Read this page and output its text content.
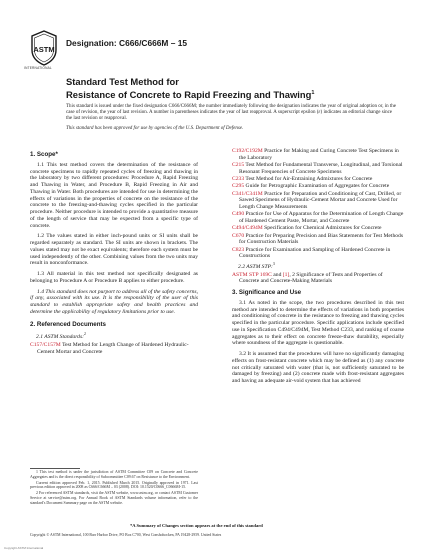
ASTM
INTERNATIONAL
Designation: C666/C666M – 15
Standard Test Method for
Resistance of Concrete to Rapid Freezing and Thawing$^1$

This standard is issued under the fixed designation C666/C666M; the number immediately following the designation indicates the year of original adoption or, in the case of revision, the year of last revision. A number in parentheses indicates the year of last reapproval. A superscript epsilon (ε) indicates an editorial change since the last revision or reapproval.

This standard has been approved for use by agencies of the U.S. Department of Defense.

1. Scope*

1.1 This test method covers the determination of the resistance of concrete specimens to rapidly repeated cycles of freezing and thawing in the laboratory by two different procedures: Procedure A, Rapid Freezing and Thawing in Water, and Procedure B, Rapid Freezing in Air and Thawing in Water. Both procedures are intended for use in determining the effects of variations in the properties of concrete on the resistance of the concrete to the freezing-and-thawing cycles specified in the particular procedure. Neither procedure is intended to provide a quantitative measure of the length of service that may be expected from a specific type of concrete.

1.2 The values stated in either inch-pound units or SI units shall be regarded separately as standard. The SI units are shown in brackets. The values stated may not be exact equivalents; therefore each system must be used independently of the other. Combining values from the two units may result in nonconformance.

1.3 All material in this test method not specifically designated as belonging to Procedure A or Procedure B applies to either procedure.

1.4 This standard does not purport to address all of the safety concerns, if any, associated with its use. It is the responsibility of the user of this standard to establish appropriate safety and health practices and determine the applicability of regulatory limitations prior to use.

2. Referenced Documents
2.1 ASTM Standards:$^2$
C157/C157M Test Method for Length Change of Hardened Hydraulic-Cement Mortar and Concrete
C192/C192M Practice for Making and Curing Concrete Test Specimens in the Laboratory
C215 Test Method for Fundamental Transverse, Longitudinal, and Torsional Resonant Frequencies of Concrete Specimens
C233 Test Method for Air-Entraining Admixtures for Concrete
C295 Guide for Petrographic Examination of Aggregates for Concrete
C341/C341M Practice for Preparation and Conditioning of Cast, Drilled, or Sawed Specimens of Hydraulic-Cement Mortar and Concrete Used for Length Change Measurements
C490 Practice for Use of Apparatus for the Determination of Length Change of Hardened Cement Paste, Mortar, and Concrete
C494/C494M Specification for Chemical Admixtures for Concrete
C670 Practice for Preparing Precision and Bias Statements for Test Methods for Construction Materials
C823 Practice for Examination and Sampling of Hardened Concrete in Constructions
2.2 ASTM STP:$^3$
ASTM STP 169C and [1], 2 Significance of Tests and Properties of Concrete and Concrete-Making Materials
3. Significance and Use

3.1 As noted in the scope, the two procedures described in this test method are intended to determine the effects of variations in both properties and conditioning of concrete in the resistance to freezing and thawing cycles specified in the particular procedure. Specific applications include specified use in Specification C494/C494M, Test Method C233, and ranking of coarse aggregates as to their effect on concrete freeze-thaw durability, especially where soundness of the aggregate is questionable.

3.2 It is assumed that the procedures will have no significantly damaging effects on frost-resistant concrete which may be defined as (1) any concrete not critically saturated with water (that is, not sufficiently saturated to be damaged by freezing) and (2) concrete made with frost-resistant aggregates and having an adequate air-void system that has achieved

1 This test method is under the jurisdiction of ASTM Committee C09 on Concrete and Concrete Aggregates and is the direct responsibility of Subcommittee C09.67 on Resistance to the Environment.

Current edition approved Feb. 1, 2015. Published March 2015. Originally approved in 1971. Last previous edition approved in 2008 as C666/C666M – 03 (2008). DOI: 10.1520/C0666_C0666M-15.

2 For referenced ASTM standards, visit the ASTM website, www.astm.org, or contact ASTM Customer Service at service@astm.org. For Annual Book of ASTM Standards volume information, refer to the standard's Document Summary page on the ASTM website.

*A Summary of Changes section appears at the end of this standard
Copyright © ASTM International, 100 Barr Harbor Drive, PO Box C700, West Conshohocken, PA 19428-2959. United States
Copyright ASTM International
